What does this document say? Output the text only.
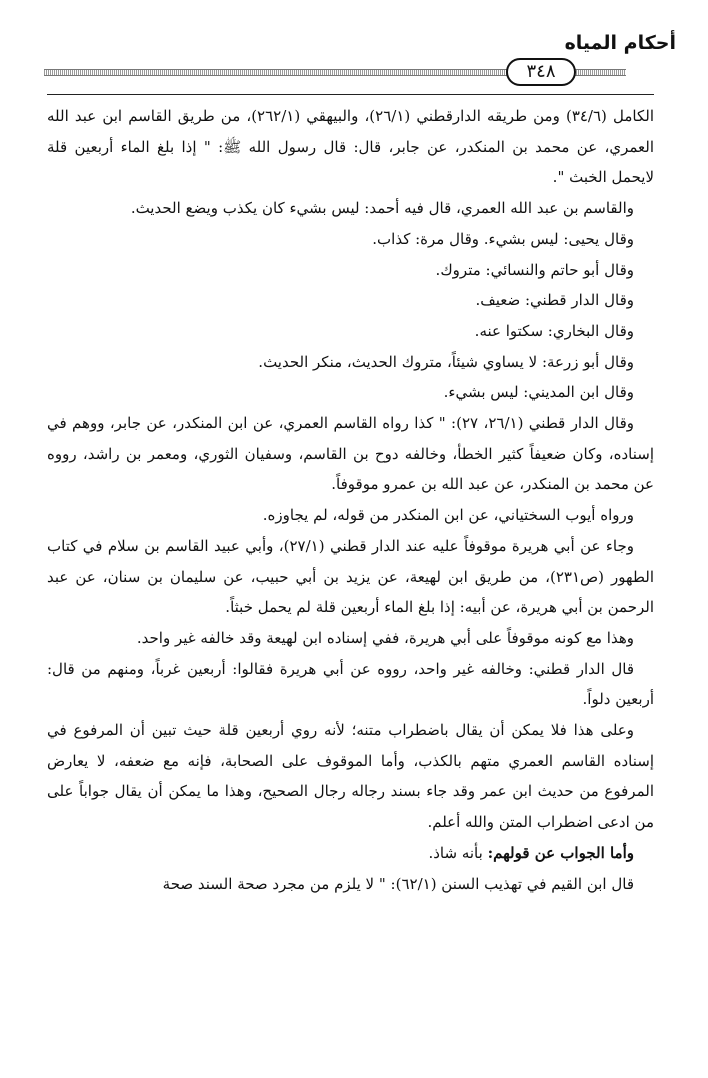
أحكام المياه
٣٤٨

الكامل (٣٤/٦) ومن طريقه الدارقطني (٢٦/١)، والبيهقي (٢٦٢/١)، من طريق القاسم ابن عبد الله العمري، عن محمد بن المنكدر، عن جابر، قال: قال رسول الله ﷺ: " إذا بلغ الماء أربعين قلة لايحمل الخبث ".

والقاسم بن عبد الله العمري، قال فيه أحمد: ليس بشيء كان يكذب ويضع الحديث.

وقال يحيى: ليس بشيء. وقال مرة: كذاب.

وقال أبو حاتم والنسائي: متروك.

وقال الدار قطني: ضعيف.

وقال البخاري: سكتوا عنه.

وقال أبو زرعة: لا يساوي شيئاً، متروك الحديث، منكر الحديث.

وقال ابن المديني: ليس بشيء.

وقال الدار قطني (٢٦/١، ٢٧): " كذا رواه القاسم العمري، عن ابن المنكدر، عن جابر، ووهم في إسناده، وكان ضعيفاً كثير الخطأ، وخالفه دوح بن القاسم، وسفيان الثوري، ومعمر بن راشد، رووه عن محمد بن المنكدر، عن عبد الله بن عمرو موقوفاً.

ورواه أيوب السختياني، عن ابن المنكدر من قوله، لم يجاوزه.

وجاء عن أبي هريرة موقوفاً عليه عند الدار قطني (٢٧/١)، وأبي عبيد القاسم بن سلام في كتاب الطهور (ص٢٣١)، من طريق ابن لهيعة، عن يزيد بن أبي حبيب، عن سليمان بن سنان، عن عبد الرحمن بن أبي هريرة، عن أبيه: إذا بلغ الماء أربعين قلة لم يحمل خبثاً.

وهذا مع كونه موقوفاً على أبي هريرة، ففي إسناده ابن لهيعة وقد خالفه غير واحد.

قال الدار قطني: وخالفه غير واحد، رووه عن أبي هريرة فقالوا: أربعين غرباً، ومنهم من قال: أربعين دلواً.

وعلى هذا فلا يمكن أن يقال باضطراب متنه؛ لأنه روي أربعين قلة حيث تبين أن المرفوع في إسناده القاسم العمري متهم بالكذب، وأما الموقوف على الصحابة، فإنه مع ضعفه، لا يعارض المرفوع من حديث ابن عمر وقد جاء بسند رجاله رجال الصحيح، وهذا ما يمكن أن يقال جواباً على من ادعى اضطراب المتن والله أعلم.

وأما الجواب عن قولهم: بأنه شاذ.

قال ابن القيم في تهذيب السنن (٦٢/١): " لا يلزم من مجرد صحة السند صحة
